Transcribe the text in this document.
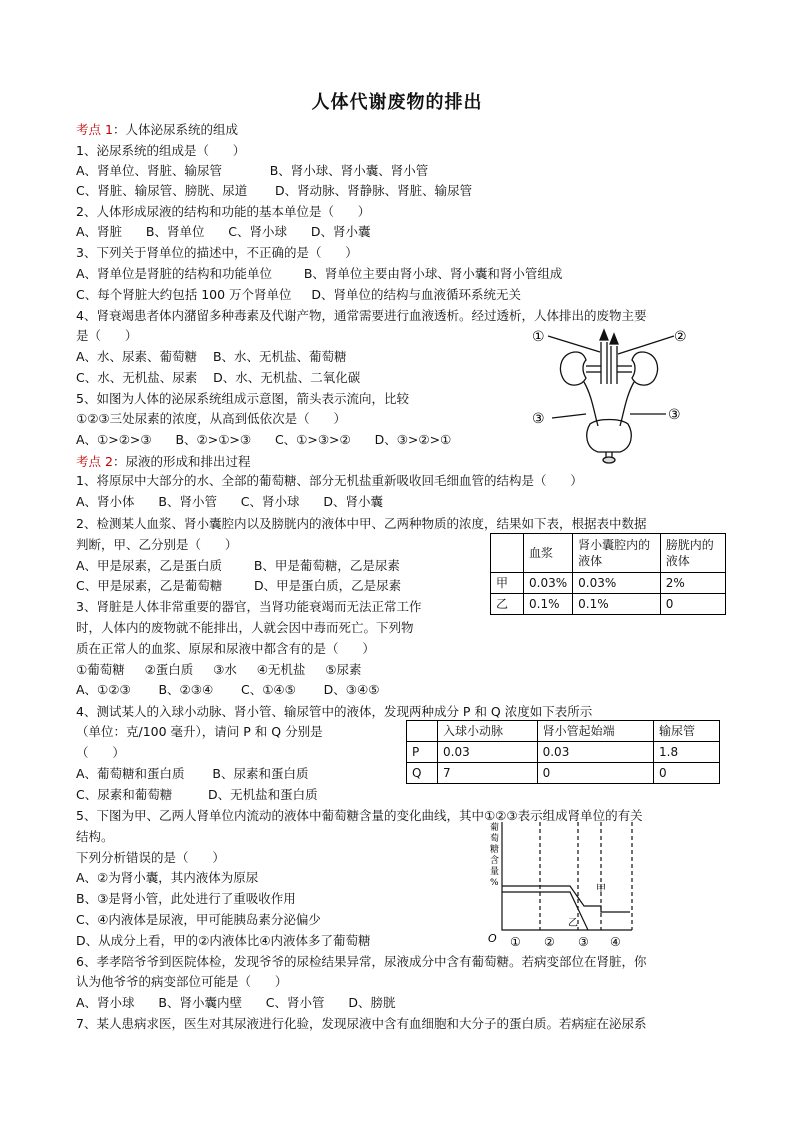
人体代谢废物的排出
考点 1：人体泌尿系统的组成
1、泌尿系统的组成是（      ）
A、肾单位、肾脏、输尿管            B、肾小球、肾小囊、肾小管
C、肾脏、输尿管、膀胱、尿道       D、肾动脉、肾静脉、肾脏、输尿管
2、人体形成尿液的结构和功能的基本单位是（      ）
A、肾脏      B、肾单位      C、肾小球      D、肾小囊
3、下列关于肾单位的描述中，不正确的是（      ）
A、肾单位是肾脏的结构和功能单位        B、肾单位主要由肾小球、肾小囊和肾小管组成
C、每个肾脏大约包括 100 万个肾单位     D、肾单位的结构与血液循环系统无关
4、肾衰竭患者体内潴留多种毒素及代谢产物，通常需要进行血液透析。经过透析，人体排出的废物主要
是（      ）
A、水、尿素、葡萄糖    B、水、无机盐、葡萄糖
C、水、无机盐、尿素    D、水、无机盐、二氧化碳
5、如图为人体的泌尿系统组成示意图，箭头表示流向，比较
①②③三处尿素的浓度，从高到低依次是（      ）
A、①>②>③      B、②>①>③      C、①>③>②      D、③>②>①
考点 2：尿液的形成和排出过程
1、将原尿中大部分的水、全部的葡萄糖、部分无机盐重新吸收回毛细血管的结构是（      ）
A、肾小体      B、肾小管      C、肾小球      D、肾小囊
2、检测某人血浆、肾小囊腔内以及膀胱内的液体中甲、乙两种物质的浓度，结果如下表，根据表中数据
判断，甲、乙分别是（      ）
A、甲是尿素，乙是蛋白质        B、甲是葡萄糖，乙是尿素
C、甲是尿素，乙是葡萄糖        D、甲是蛋白质，乙是尿素
3、肾脏是人体非常重要的器官，当肾功能衰竭而无法正常工作
时，人体内的废物就不能排出，人就会因中毒而死亡。下列物
质在正常人的血浆、原尿和尿液中都含有的是（      ）
①葡萄糖     ②蛋白质     ③水     ④无机盐     ⑤尿素
A、①②③       B、②③④       C、①④⑤       D、③④⑤
4、测试某人的入球小动脉、肾小管、输尿管中的液体，发现两种成分 P 和 Q 浓度如下表所示
（单位：克/100 毫升），请问 P 和 Q 分别是
（      ）
A、葡萄糖和蛋白质       B、尿素和蛋白质
C、尿素和葡萄糖         D、无机盐和蛋白质
5、下图为甲、乙两人肾单位内流动的液体中葡萄糖含量的变化曲线，其中①②③表示组成肾单位的有关
结构。
下列分析错误的是（      ）
A、②为肾小囊，其内液体为原尿
B、③是肾小管，此处进行了重吸收作用
C、④内液体是尿液，甲可能胰岛素分泌偏少
D、从成分上看，甲的②内液体比④内液体多了葡萄糖
6、孝孝陪爷爷到医院体检，发现爷爷的尿检结果异常，尿液成分中含有葡萄糖。若病变部位在肾脏，你
认为他爷爷的病变部位可能是（      ）
A、肾小球      B、肾小囊内壁      C、肾小管      D、膀胱
7、某人患病求医，医生对其尿液进行化验，发现尿液中含有血细胞和大分子的蛋白质。若病症在泌尿系
	血浆	肾小囊腔内的液体	膀胱内的液体
甲	0.03%	0.03%	2%
乙	0.1%	0.1%	0
	入球小动脉	肾小管起始端	输尿管
P	0.03	0.03	1.8
Q	7	0	0
①	②
③	③
葡萄糖含量%
O ① ② ③ ④
甲
乙
